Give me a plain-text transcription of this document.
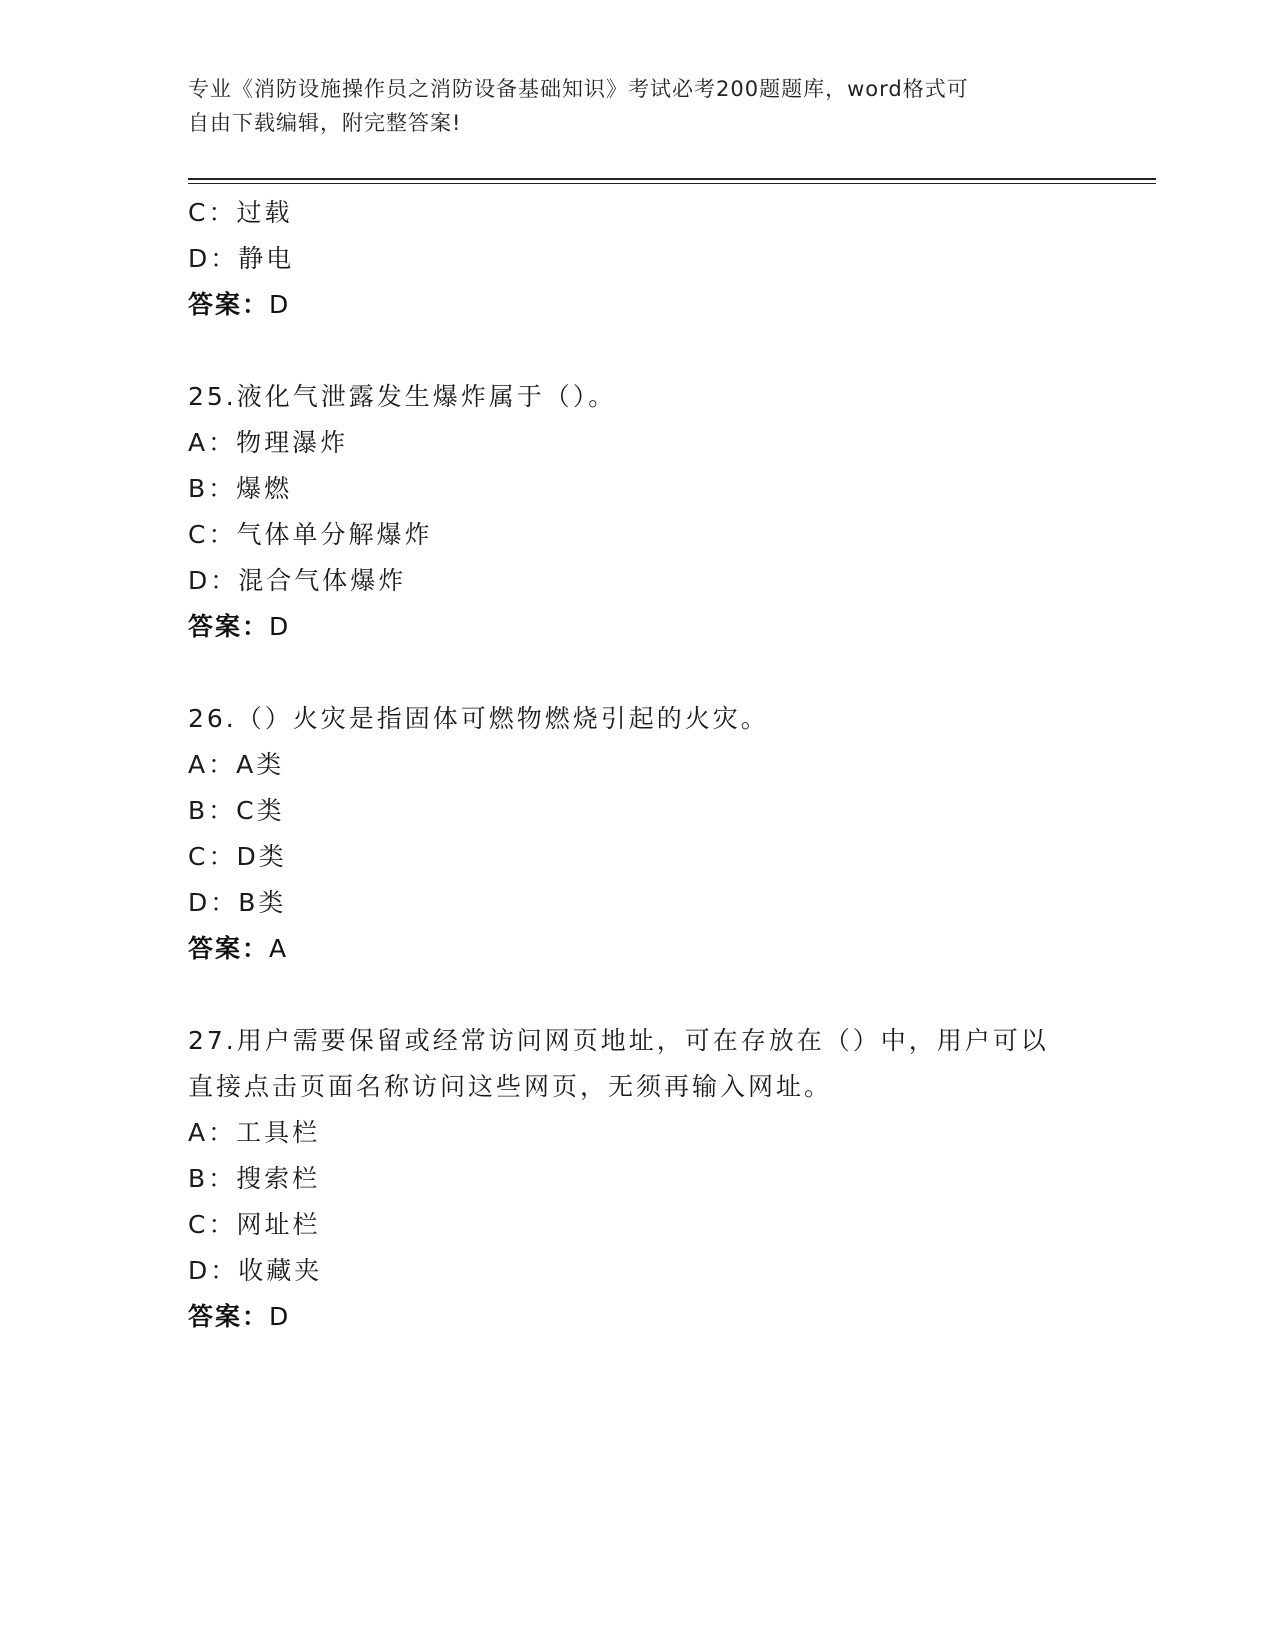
专业《消防设施操作员之消防设备基础知识》考试必考200题题库，word格式可
自由下载编辑，附完整答案!
C：过载
D：静电
答案：D
25.液化气泄露发生爆炸属于（）。
A：物理瀑炸
B：爆燃
C：气体单分解爆炸
D：混合气体爆炸
答案：D
26.（）火灾是指固体可燃物燃烧引起的火灾。
A：A类
B：C类
C：D类
D：B类
答案：A
27.用户需要保留或经常访问网页地址，可在存放在（）中，用户可以
直接点击页面名称访问这些网页，无须再输入网址。
A：工具栏
B：搜索栏
C：网址栏
D：收藏夹
答案：D
